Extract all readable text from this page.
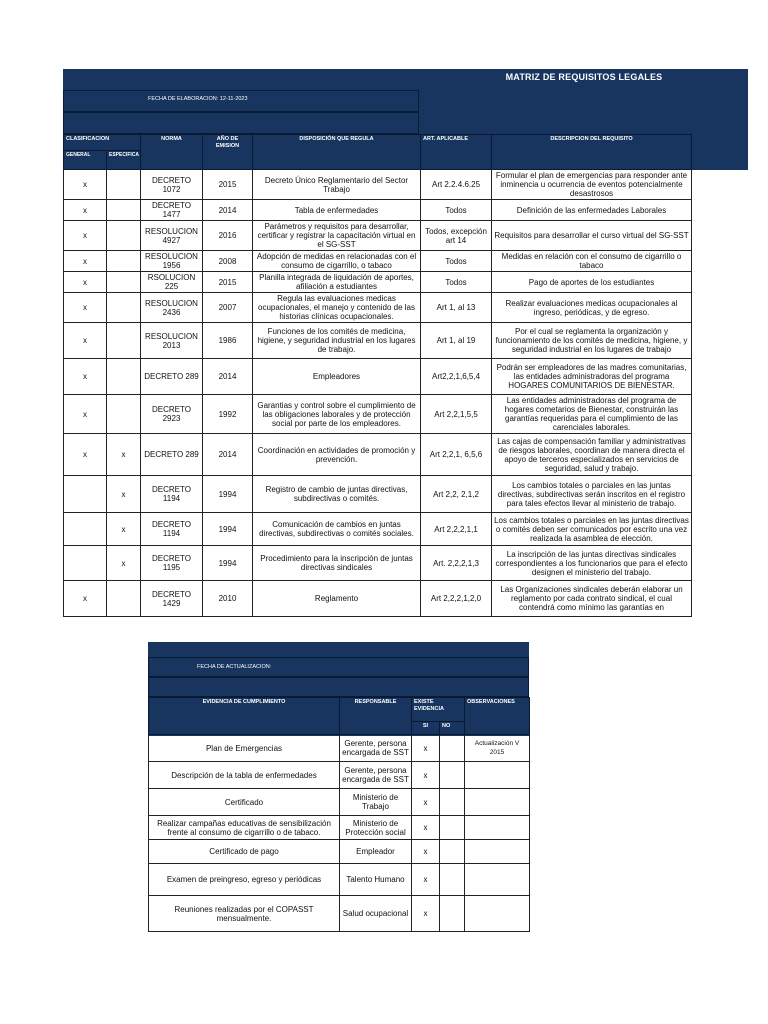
MATRIZ DE REQUISITOS LEGALES
FECHA DE ELABORACION: 12-11-2023
CLASIFICACION		NORMA	AÑO DE EMISION	DISPOSICIÓN QUE REGULA	ART. APLICABLE	DESCRIPCION DEL REQUISITO
GENERAL	ESPECIFICA					
x		DECRETO 1072	2015	Decreto Único Reglamentario del Sector Trabajo	Art 2.2.4.6.25	Formular el plan de emergencias para responder ante inminencia u ocurrencia de eventos potencialmente desastrosos
x		DECRETO 1477	2014	Tabla de enfermedades	Todos	Definición de las enfermedades Laborales
x		RESOLUCION 4927	2016	Parámetros y requisitos para desarrollar, certificar y registrar la capacitación virtual en el SG-SST	Todos, excepción art 14	Requisitos para desarrollar el curso virtual del SG-SST
x		RESOLUCION 1956	2008	Adopción de medidas en relacionadas con el consumo de cigarrillo, o tabaco	Todos	Medidas en relación con el consumo de cigarrillo o tabaco
x		RSOLUCION 225	2015	Planilla integrada de liquidación de aportes, afiliación a estudiantes	Todos	Pago de aportes de los estudiantes
x		RESOLUCION 2436	2007	Regula las evaluaciones medicas ocupacionales, el manejo y contenido de las historias clínicas ocupacionales.	Art 1, al 13	Realizar evaluaciones medicas ocupacionales al ingreso, periódicas, y de egreso.
x		RESOLUCION 2013	1986	Funciones de los comités de medicina, higiene, y seguridad industrial en los lugares de trabajo.	Art 1, al 19	Por el cual se reglamenta la organización y funcionamiento de los comités de medicina, higiene, y seguridad industrial en los lugares de trabajo
x		DECRETO 289	2014	Empleadores	Art2,2,1,6,5,4	Podrán ser empleadores de las madres comunitarias, las entidades administradoras del programa HOGARES COMUNITARIOS DE BIENESTAR.
x		DECRETO 2923	1992	Garantias y control sobre el cumplimiento de las obligaciones laborales y de protección social por parte de los empleadores.	Art 2,2,1,5,5	Las entidades administradoras del programa de hogares cometarios de Bienestar, construirán las garantías requeridas para el cumplimiento de las carenciales laborales.
x	x	DECRETO 289	2014	Coordinación en actividades de promoción y prevención.	Art 2,2,1, 6,5,6	Las cajas de compensación familiar y administrativas de riesgos laborales, coordinan de manera directa el apoyo de terceros especializados en servicios de seguridad, salud y trabajo.
	x	DECRETO 1194	1994	Registro de cambio de juntas directivas, subdirectivas o comités.	Art 2,2, 2,1,2	Los cambios totales o parciales en las juntas directivas, subdirectivas serán inscritos en el registro para tales efectos llevar al ministerio de trabajo.
	x	DECRETO 1194	1994	Comunicación de cambios en juntas directivas, subdirectivas o comités sociales.	Art 2,2,2,1,1	Los cambios totales o parciales en las juntas directivas o comités deben ser comunicados por escrito una vez realizada la asamblea de elección.
	x	DECRETO 1195	1994	Procedimiento para la inscripción de juntas directivas sindicales	Art. 2,2,2,1,3	La inscripción de las juntas directivas sindicales correspondientes a los funcionarios que para el efecto designen el ministerio del trabajo.
x		DECRETO 1429	2010	Reglamento	Art 2,2,2,1,2,0	Las Organizaciones sindicales deberán elaborar un reglamento por cada contrato sindical, el cual contendrá como mínimo las garantías en
FECHA DE ACTUALIZACION:
EVIDENCIA DE CUMPLIMIENTO	RESPONSABLE	EXISTE EVIDENCIA		OBSERVACIONES
		SI	NO	
Plan de Emergencias	Gerente, persona encargada de SST	x		Actualización V 2015
Descripción de la tabla de enfermedades	Gerente, persona encargada de SST	x		
Certificado	Ministerio de Trabajo	x		
Realizar campañas educativas de sensibilización frente al consumo de cigarrillo o de tabaco.	Ministerio de Protección social	x		
Certificado de pago	Empleador	x		
Examen de preingreso, egreso y periódicas	Talento Humano	x		
Reuniones realizadas por el COPASST mensualmente.	Salud ocupacional	x		
